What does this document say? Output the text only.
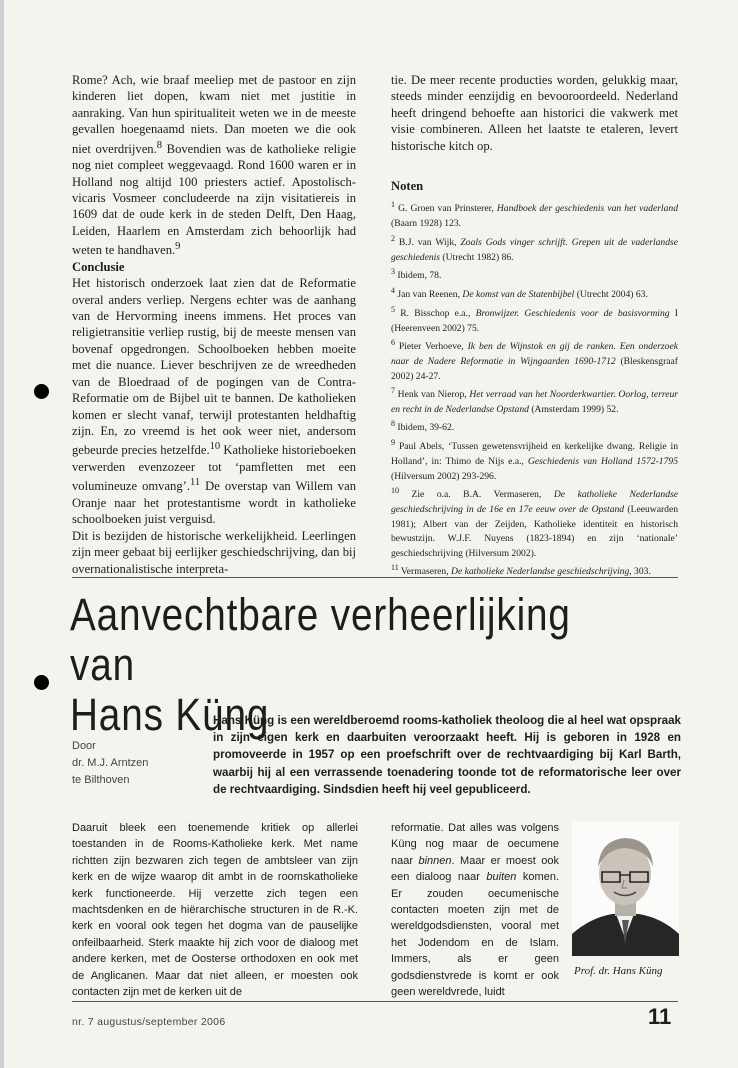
Rome? Ach, wie braaf meeliep met de pastoor en zijn kinderen liet dopen, kwam niet met justitie in aanraking. Van hun spiritualiteit weten we in de meeste gevallen hoegenaamd niets. Dan moeten we die ook niet overdrijven.$^8$ Bovendien was de katholieke religie nog niet compleet weggevaagd. Rond 1600 waren er in Holland nog altijd 100 priesters actief. Apostolisch-vicaris Vosmeer concludeerde na zijn visitatiereis in 1609 dat de oude kerk in de steden Delft, Den Haag, Leiden, Haarlem en Amsterdam zich behoorlijk had weten te handhaven.$^9$

Conclusie

Het historisch onderzoek laat zien dat de Reformatie overal anders verliep. Nergens echter was de aanhang van de Hervorming ineens immens. Het proces van religietransitie verliep rustig, bij de meeste mensen van bovenaf opgedrongen. Schoolboeken hebben moeite met die nuance. Liever beschrijven ze de wreedheden van de Bloedraad of de pogingen van de Contra-Reformatie om de Bijbel uit te bannen. De katholieken komen er slecht vanaf, terwijl protestanten heldhaftig zijn. En, zo vreemd is het ook weer niet, andersom gebeurde precies hetzelfde.$^{10}$ Katholieke historieboeken verwerden evenzozeer tot ‘pamfletten met een volumineuze omvang’.$^{11}$ De overstap van Willem van Oranje naar het protestantisme wordt in katholieke schoolboeken juist verguisd.

Dit is bezijden de historische werkelijkheid. Leerlingen zijn meer gebaat bij eerlijker geschiedschrijving, dan bij overnationalistische interpreta-

tie. De meer recente producties worden, gelukkig maar, steeds minder eenzijdig en bevooroordeeld. Nederland heeft dringend behoefte aan historici die vakwerk met visie combineren. Alleen het laatste te etaleren, levert historische kitch op.

Noten

$^1$ G. Groen van Prinsterer, Handboek der geschiedenis van het vaderland (Baarn 1928) 123.

$^2$ B.J. van Wijk, Zoals Gods vinger schrijft. Grepen uit de vaderlandse geschiedenis (Utrecht 1982) 86.

$^3$ Ibidem, 78.

$^4$ Jan van Reenen, De komst van de Statenbijbel (Utrecht 2004) 63.

$^5$ R. Bisschop e.a., Bronwijzer. Geschiedenis voor de basisvorming I (Heerenveen 2002) 75.

$^6$ Pieter Verhoeve, Ik ben de Wijnstok en gij de ranken. Een onderzoek naar de Nadere Reformatie in Wijngaarden 1690-1712 (Bleskensgraaf 2002) 24-27.

$^7$ Henk van Nierop, Het verraad van het Noorderkwartier. Oorlog, terreur en recht in de Nederlandse Opstand (Amsterdam 1999) 52.

$^8$ Ibidem, 39-62.

$^9$ Paul Abels, ‘Tussen gewetensvrijheid en kerkelijke dwang. Religie in Holland’, in: Thimo de Nijs e.a., Geschiedenis van Holland 1572-1795 (Hilversum 2002) 293-296.

$^{10}$ Zie o.a. B.A. Vermaseren, De katholieke Nederlandse geschiedschrijving in de 16e en 17e eeuw over de Opstand (Leeuwarden 1981); Albert van der Zeijden, Katholieke identiteit en historisch bewustzijn. W.J.F. Nuyens (1823-1894) en zijn ‘nationale’ geschiedschrijving (Hilversum 2002).

$^{11}$ Vermaseren, De katholieke Nederlandse geschiedschrijving, 303.

Aanvechtbare verheerlijking van
Hans Küng
Door
dr. M.J. Arntzen
te Bilthoven

Hans Küng is een wereldberoemd rooms-katholiek theoloog die al heel wat opspraak in zijn eigen kerk en daarbuiten veroorzaakt heeft. Hij is geboren in 1928 en promoveerde in 1957 op een proefschrift over de rechtvaardiging bij Karl Barth, waarbij hij al een verrassende toenadering toonde tot de reformatorische leer over de rechtvaardiging. Sindsdien heeft hij veel gepubliceerd.

Daaruit bleek een toenemende kritiek op allerlei toestanden in de Rooms-Katholieke kerk. Met name richtten zijn bezwaren zich tegen de ambtsleer van zijn kerk en de wijze waarop dit ambt in de roomskatholieke kerk functioneerde. Hij verzette zich tegen een machtsdenken en de hiërarchische structuren in de R.-K. kerk en vooral ook tegen het dogma van de pauselijke onfeilbaarheid. Sterk maakte hij zich voor de dialoog met andere kerken, met de Oosterse orthodoxen en ook met de Anglicanen. Maar dat niet alleen, er moesten ook contacten zijn met de kerken uit de

reformatie. Dat alles was volgens Küng nog maar de oecumene naar binnen. Maar er moest ook een dialoog naar buiten komen. Er zouden oecumenische contacten moeten zijn met de wereldgodsdiensten, vooral met het Jodendom en de Islam. Immers, als er geen godsdienstvrede is komt er ook geen wereldvrede, luidt

Prof. dr. Hans Küng
nr. 7 augustus/september 2006	11
